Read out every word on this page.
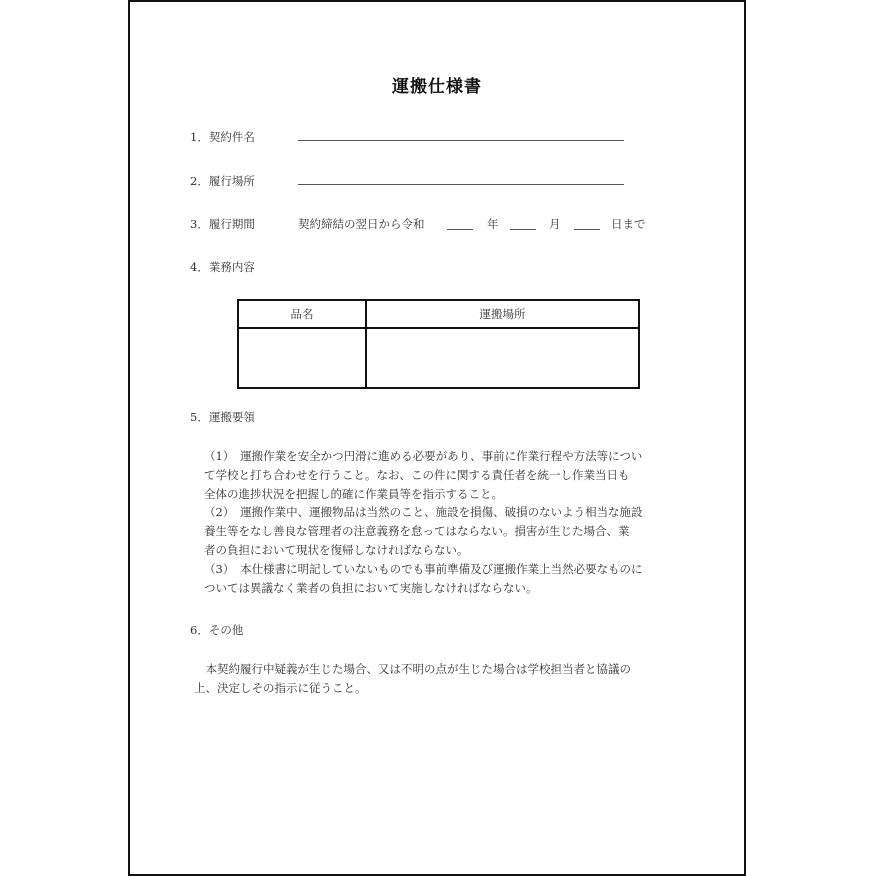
運搬仕様書
1．契約件名
2．履行場所
3．履行期間	契約締結の翌日から令和	年	月	日まで
4．業務内容
品名	運搬場所

5．運搬要領
（1）　運搬作業を安全かつ円滑に進める必要があり、事前に作業行程や方法等につい
て学校と打ち合わせを行うこと。なお、この件に関する責任者を統一し作業当日も
全体の進捗状況を把握し的確に作業員等を指示すること。
（2）　運搬作業中、運搬物品は当然のこと、施設を損傷、破損のないよう相当な施設
養生等をなし善良な管理者の注意義務を怠ってはならない。損害が生じた場合、業
者の負担において現状を復帰しなければならない。
（3）　本仕様書に明記していないものでも事前準備及び運搬作業上当然必要なものに
ついては異議なく業者の負担において実施しなければならない。
6．その他
　本契約履行中疑義が生じた場合、又は不明の点が生じた場合は学校担当者と協議の
上、決定しその指示に従うこと。
